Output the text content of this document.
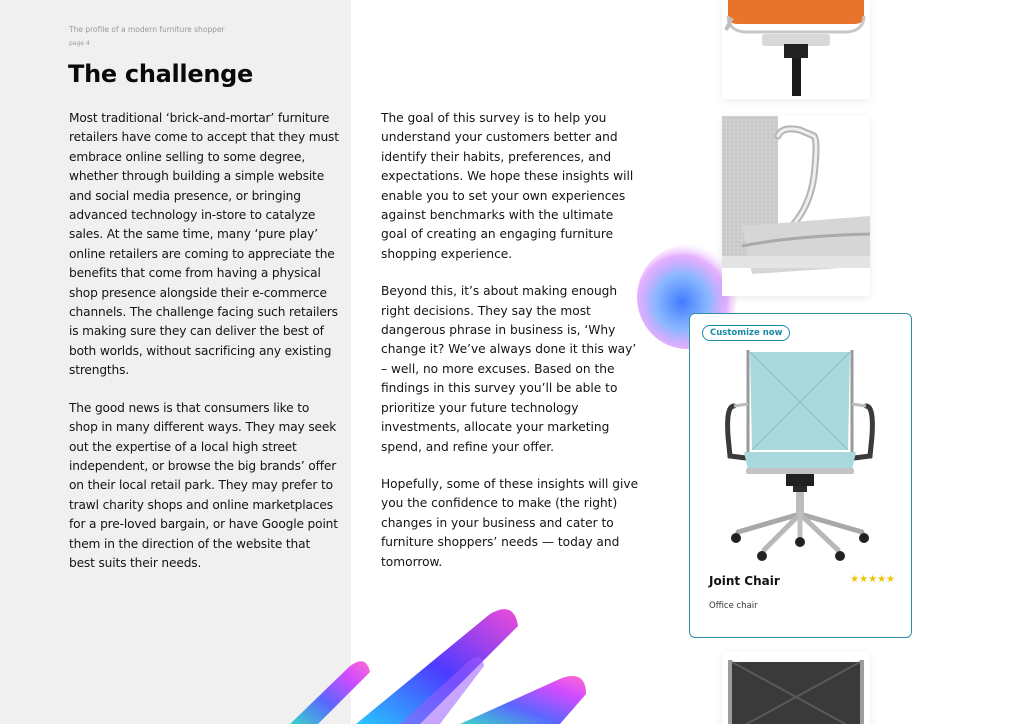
The profile of a modern furniture shopper
page 4
The challenge

Most traditional ‘brick-and-mortar’ furniture retailers have come to accept that they must embrace online selling to some degree, whether through building a simple website and social media presence, or bringing advanced technology in-store to catalyze sales. At the same time, many ‘pure play’ online retailers are coming to appreciate the benefits that come from having a physical shop presence alongside their e-commerce channels. The challenge facing such retailers is making sure they can deliver the best of both worlds, without sacrificing any existing strengths.

The good news is that consumers like to shop in many different ways. They may seek out the expertise of a local high street independent, or browse the big brands’ offer on their local retail park. They may prefer to trawl charity shops and online marketplaces for a pre-loved bargain, or have Google point them in the direction of the website that best suits their needs.

The goal of this survey is to help you understand your customers better and identify their habits, preferences, and expectations. We hope these insights will enable you to set your own experiences against benchmarks with the ultimate goal of creating an engaging furniture shopping experience.

Beyond this, it’s about making enough right decisions. They say the most dangerous phrase in business is, ‘Why change it? We’ve always done it this way’ – well, no more excuses. Based on the findings in this survey you’ll be able to prioritize your future technology investments, allocate your marketing spend, and refine your offer.

Hopefully, some of these insights will give you the confidence to make (the right) changes in your business and cater to furniture shoppers’ needs — today and tomorrow.

Customize now
Joint Chair	★★★★★
Office chair
